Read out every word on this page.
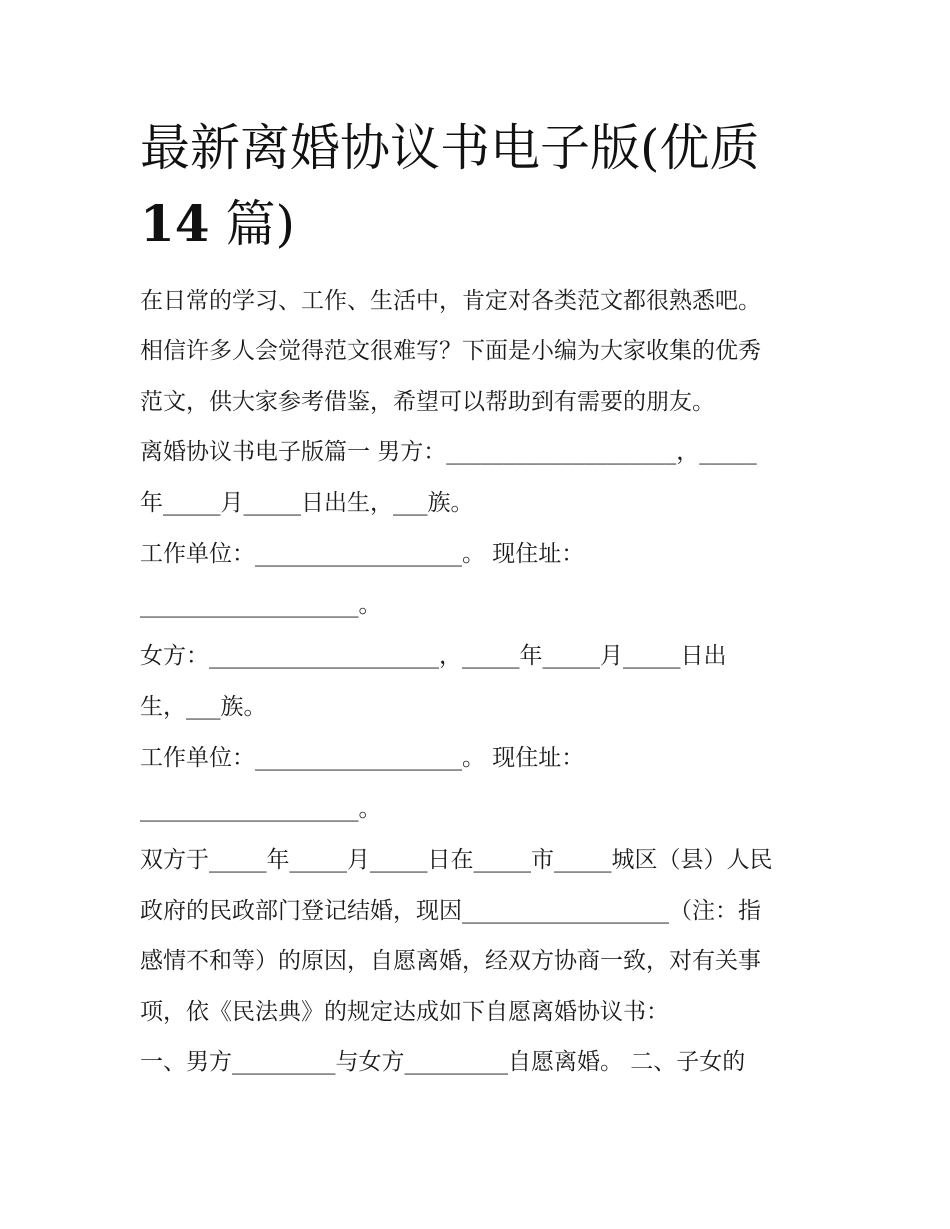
最新离婚协议书电子版(优质
14 篇)

在日常的学习、工作、生活中，肯定对各类范文都很熟悉吧。

相信许多人会觉得范文很难写？下面是小编为大家收集的优秀

范文，供大家参考借鉴，希望可以帮助到有需要的朋友。

离婚协议书电子版篇一 男方：____________________，_____

年_____月_____日出生，___族。

工作单位：__________________。 现住址：

___________________。

女方：____________________，_____年_____月_____日出

生，___族。

工作单位：__________________。 现住址：

___________________。

双方于_____年_____月_____日在_____市_____城区（县）人民

政府的民政部门登记结婚，现因__________________（注：指

感情不和等）的原因，自愿离婚，经双方协商一致，对有关事

项，依《民法典》的规定达成如下自愿离婚协议书：

一、男方_________与女方_________自愿离婚。 二、子女的
